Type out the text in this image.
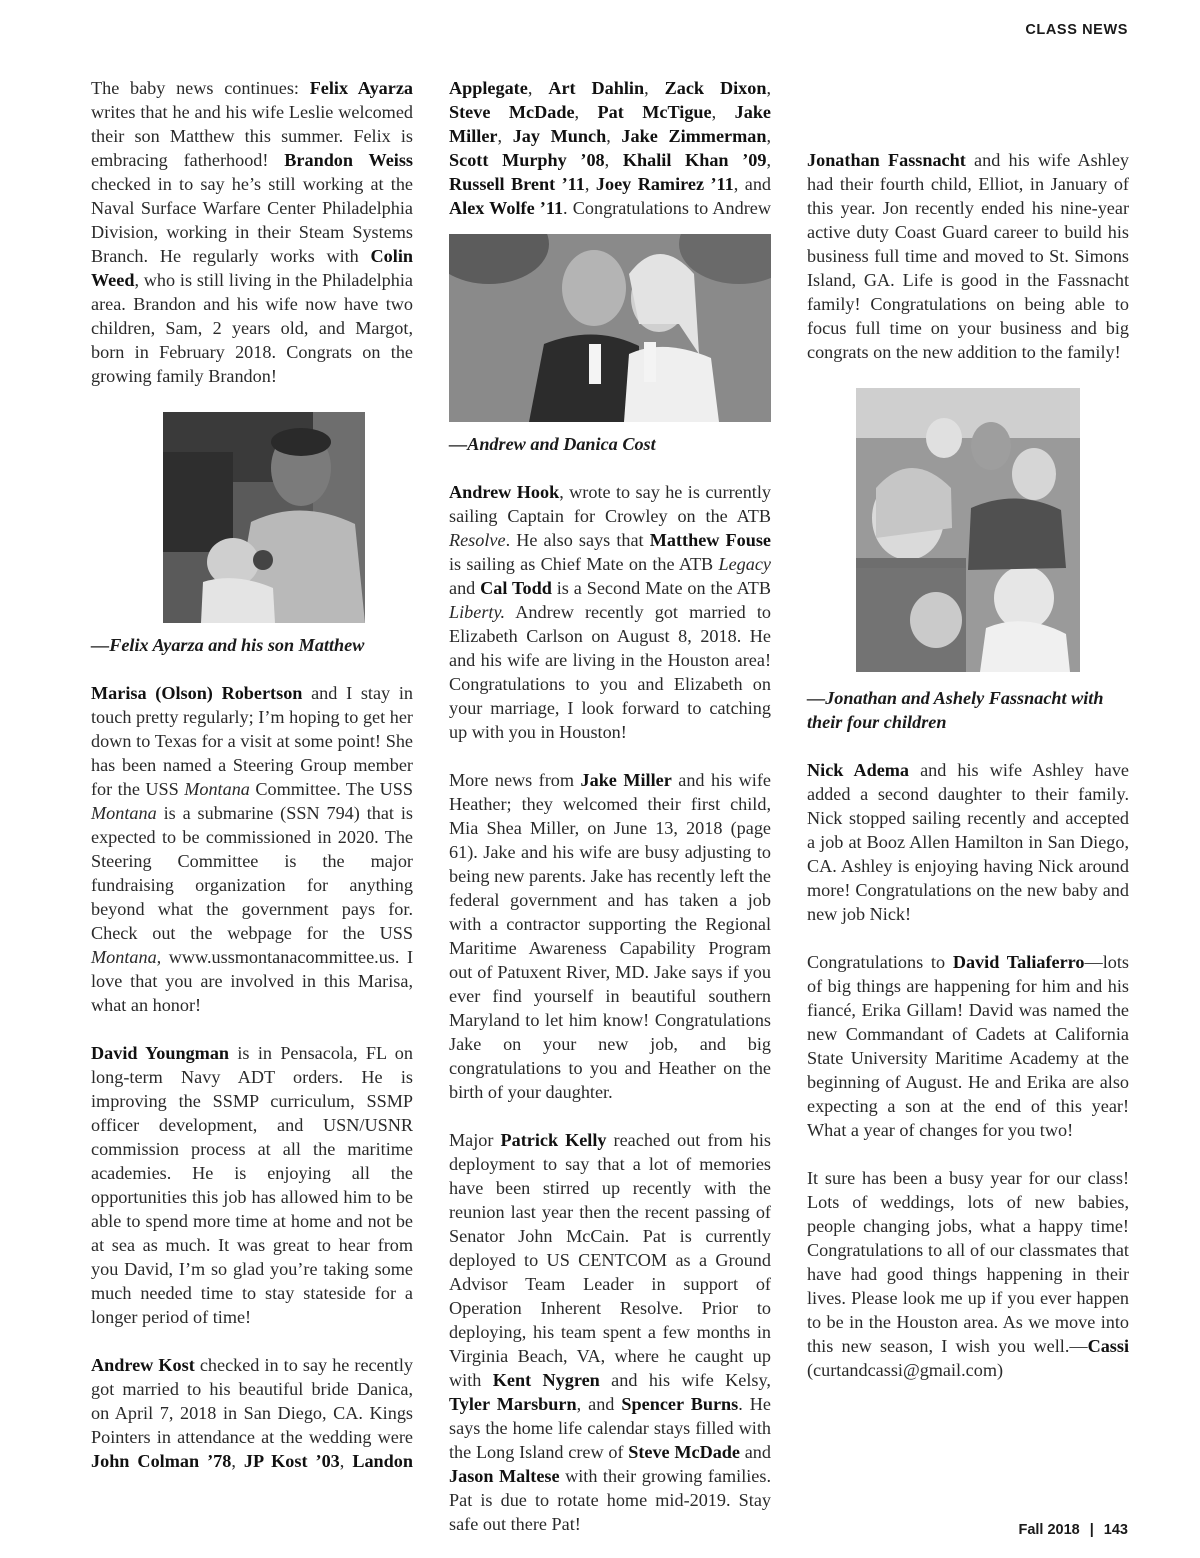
CLASS NEWS

The baby news continues: Felix Ayarza writes that he and his wife Leslie welcomed their son Matthew this summer. Felix is embracing fatherhood! Brandon Weiss checked in to say he’s still working at the Naval Surface Warfare Center Philadelphia Division, working in their Steam Systems Branch. He regularly works with Colin Weed, who is still living in the Philadelphia area. Brandon and his wife now have two children, Sam, 2 years old, and Margot, born in February 2018. Congrats on the growing family Brandon!

—Felix Ayarza and his son Matthew

Marisa (Olson) Robertson and I stay in touch pretty regularly; I’m hoping to get her down to Texas for a visit at some point! She has been named a Steering Group member for the USS Montana Committee. The USS Montana is a submarine (SSN 794) that is expected to be commissioned in 2020. The Steering Committee is the major fundraising organization for anything beyond what the government pays for. Check out the webpage for the USS Montana, www.ussmontanacommittee.us. I love that you are involved in this Marisa, what an honor!

David Youngman is in Pensacola, FL on long-term Navy ADT orders. He is improving the SSMP curriculum, SSMP officer development, and USN/USNR commission process at all the maritime academies. He is enjoying all the opportunities this job has allowed him to be able to spend more time at home and not be at sea as much. It was great to hear from you David, I’m so glad you’re taking some much needed time to stay stateside for a longer period of time!

Andrew Kost checked in to say he recently got married to his beautiful bride Danica, on April 7, 2018 in San Diego, CA. Kings Pointers in attendance at the wedding were John Colman ’78, JP Kost ’03, Landon

Applegate, Art Dahlin, Zack Dixon, Steve McDade, Pat McTigue, Jake Miller, Jay Munch, Jake Zimmerman, Scott Murphy ’08, Khalil Khan ’09, Russell Brent ’11, Joey Ramirez ’11, and Alex Wolfe ’11. Congratulations to Andrew

—Andrew and Danica Cost

Andrew Hook, wrote to say he is currently sailing Captain for Crowley on the ATB Resolve. He also says that Matthew Fouse is sailing as Chief Mate on the ATB Legacy and Cal Todd is a Second Mate on the ATB Liberty. Andrew recently got married to Elizabeth Carlson on August 8, 2018. He and his wife are living in the Houston area! Congratulations to you and Elizabeth on your marriage, I look forward to catching up with you in Houston!

More news from Jake Miller and his wife Heather; they welcomed their first child, Mia Shea Miller, on June 13, 2018 (page 61). Jake and his wife are busy adjusting to being new parents. Jake has recently left the federal government and has taken a job with a contractor supporting the Regional Maritime Awareness Capability Program out of Patuxent River, MD. Jake says if you ever find yourself in beautiful southern Maryland to let him know! Congratulations Jake on your new job, and big congratulations to you and Heather on the birth of your daughter.

Major Patrick Kelly reached out from his deployment to say that a lot of memories have been stirred up recently with the reunion last year then the recent passing of Senator John McCain. Pat is currently deployed to US CENTCOM as a Ground Advisor Team Leader in support of Operation Inherent Resolve. Prior to deploying, his team spent a few months in Virginia Beach, VA, where he caught up with Kent Nygren and his wife Kelsy, Tyler Marsburn, and Spencer Burns. He says the home life calendar stays filled with the Long Island crew of Steve McDade and Jason Maltese with their growing families. Pat is due to rotate home mid-2019. Stay safe out there Pat!

Jonathan Fassnacht and his wife Ashley had their fourth child, Elliot, in January of this year. Jon recently ended his nine-year active duty Coast Guard career to build his business full time and moved to St. Simons Island, GA. Life is good in the Fassnacht family! Congratulations on being able to focus full time on your business and big congrats on the new addition to the family!

—Jonathan and Ashely Fassnacht with their four children

Nick Adema and his wife Ashley have added a second daughter to their family. Nick stopped sailing recently and accepted a job at Booz Allen Hamilton in San Diego, CA. Ashley is enjoying having Nick around more! Congratulations on the new baby and new job Nick!

Congratulations to David Taliaferro—lots of big things are happening for him and his fiancé, Erika Gillam! David was named the new Commandant of Cadets at California State University Maritime Academy at the beginning of August. He and Erika are also expecting a son at the end of this year! What a year of changes for you two!

It sure has been a busy year for our class! Lots of weddings, lots of new babies, people changing jobs, what a happy time! Congratulations to all of our classmates that have had good things happening in their lives. Please look me up if you ever happen to be in the Houston area. As we move into this new season, I wish you well.—Cassi (curtandcassi@gmail.com)

Fall 2018 | 143
